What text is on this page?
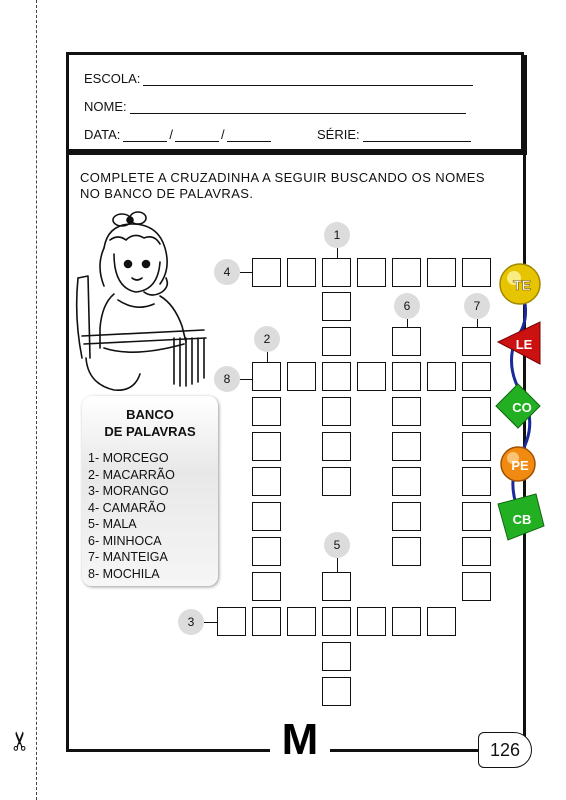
✂
ESCOLA:
NOME:
DATA:	/	/	SÉRIE:
COMPLETE A CRUZADINHA A SEGUIR BUSCANDO OS NOMES NO BANCO DE PALAVRAS.
BANCO
DE PALAVRAS
1- MORCEGO
2- MACARRÃO
3- MORANGO
4- CAMARÃO
5- MALA
6- MINHOCA
7- MANTEIGA
8- MOCHILA
1
2
3
4
5
6	7
8
TE
LE
CO
PE
CB
M	126
